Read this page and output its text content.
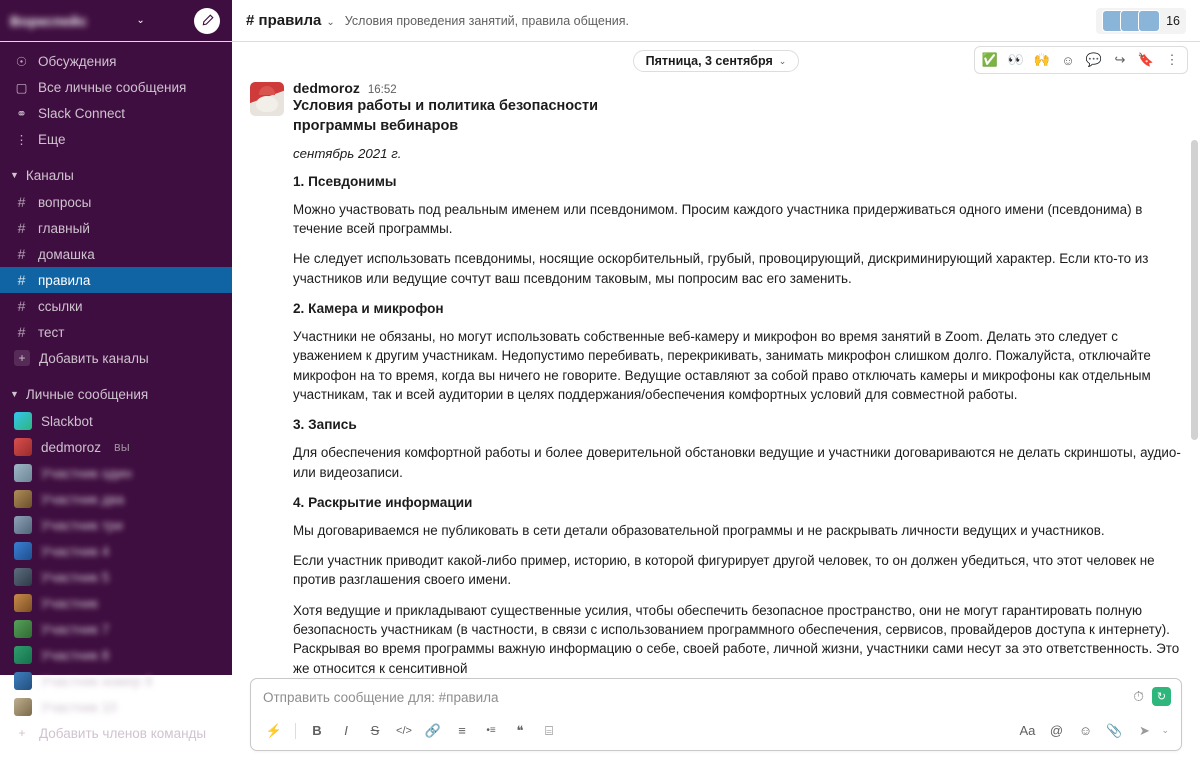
Воркспейс	⌄	# правила ⌄ Условия проведения занятий, правила общения.	16
☉ Обсуждения
▢ Все личные сообщения
⚭ Slack Connect
⋮ Еще
▼ Каналы
# вопросы
# главный
# домашка
# правила
# ссылки
# тест
+	Добавить каналы
▼ Личные сообщения
Slackbot
dedmoroz вы
Участник один
Участник два
Участник три
Участник 4
Участник 5
Участник
Участник 7
Участник 8
Участник номер 9
Участник 10
+	Добавить членов команды
Пятница, 3 сентября ⌄	✅ 👀 🙌 ☺ 💬 ↪ 🔖 ⋮
dedmoroz 16:52
Условия работы и политика безопасности
программы вебинаров
сентябрь 2021 г.
1. Псевдонимы
Можно участвовать под реальным именем или псевдонимом. Просим каждого участника придерживаться одного имени (псевдонима) в течение всей программы.
Не следует использовать псевдонимы, носящие оскорбительный, грубый, провоцирующий, дискриминирующий характер. Если кто-то из участников или ведущие сочтут ваш псевдоним таковым, мы попросим вас его заменить.
2. Камера и микрофон
Участники не обязаны, но могут использовать собственные веб-камеру и микрофон во время занятий в Zoom. Делать это следует с уважением к другим участникам. Недопустимо перебивать, перекрикивать, занимать микрофон слишком долго. Пожалуйста, отключайте микрофон на то время, когда вы ничего не говорите. Ведущие оставляют за собой право отключать камеры и микрофоны как отдельным участникам, так и всей аудитории в целях поддержания/обеспечения комфортных условий для совместной работы.
3. Запись
Для обеспечения комфортной работы и более доверительной обстановки ведущие и участники договариваются не делать скриншоты, аудио- или видеозаписи.
4. Раскрытие информации
Мы договариваемся не публиковать в сети детали образовательной программы и не раскрывать личности ведущих и участников.
Если участник приводит какой-либо пример, историю, в которой фигурирует другой человек, то он должен убедиться, что этот человек не против разглашения своего имени.
Хотя ведущие и прикладывают существенные усилия, чтобы обеспечить безопасное пространство, они не могут гарантировать полную безопасность участникам (в частности, в связи с использованием программного обеспечения, сервисов, провайдеров доступа к интернету). Раскрывая во время программы важную информацию о себе, своей работе, личной жизни, участники сами несут за это ответственность. Это же относится к сенситивной
Отправить сообщение для: #правила	⏱	↻
⚡	B	I	S	</> 🔗	≡	•≡	❝	⌸	Aa	@	☺	📎	➤	⌄
